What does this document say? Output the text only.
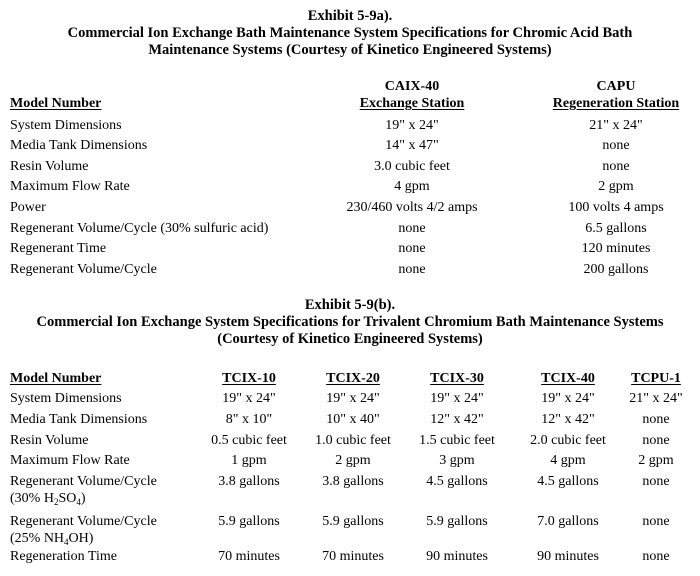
Exhibit 5-9a).
Commercial Ion Exchange Bath Maintenance System Specifications for Chromic Acid Bath
Maintenance Systems (Courtesy of Kinetico Engineered Systems)
CAIX-40	CAPU
Model Number	Exchange Station	Regeneration Station
System Dimensions	19" x 24"	21" x 24"
Media Tank Dimensions	14" x 47"	none
Resin Volume	3.0 cubic feet	none
Maximum Flow Rate	4 gpm	2 gpm
Power	230/460 volts 4/2 amps	100 volts 4 amps
Regenerant Volume/Cycle (30% sulfuric acid)	none	6.5 gallons
Regenerant Time	none	120 minutes
Regenerant Volume/Cycle	none	200 gallons
Exhibit 5-9(b).
Commercial Ion Exchange System Specifications for Trivalent Chromium Bath Maintenance Systems
(Courtesy of Kinetico Engineered Systems)
Model Number	TCIX-10	TCIX-20	TCIX-30	TCIX-40	TCPU-1
System Dimensions	19" x 24"	19" x 24"	19" x 24"	19" x 24" 21" x 24"
Media Tank Dimensions	8" x 10"	10" x 40"	12" x 42"	12" x 42"	none
Resin Volume	0.5 cubic feet 1.0 cubic feet 1.5 cubic feet	2.0 cubic feet	none
Maximum Flow Rate	1 gpm	2 gpm	3 gpm	4 gpm	2 gpm
Regenerant Volume/Cycle
(30% $H_2SO_4$)
3.8 gallons	3.8 gallons	4.5 gallons	4.5 gallons	none
Regenerant Volume/Cycle
(25% $NH_4OH$)
5.9 gallons	5.9 gallons	5.9 gallons	7.0 gallons	none
Regeneration Time	70 minutes	70 minutes	90 minutes	90 minutes	none
